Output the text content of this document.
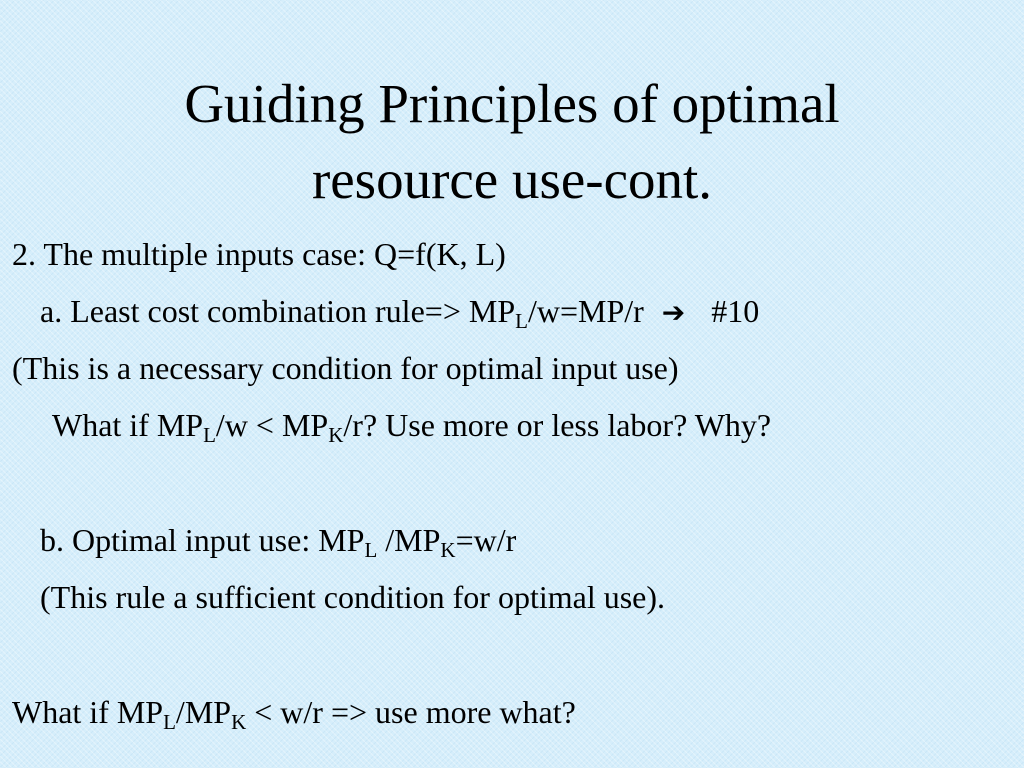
Guiding Principles of optimal
resource use-cont.
2. The multiple inputs case: Q=f(K, L)
a. Least cost combination rule=> $MP_L/w=MP/r$ ➔ #10
(This is a necessary condition for optimal input use)
What if $MP_L/w < MP_K/r$? Use more or less labor? Why?
b. Optimal input use: $MP_L$ $/MP_K=w/r$
(This rule a sufficient condition for optimal use).
What if $MP_L/MP_K < w/r$ => use more what?
